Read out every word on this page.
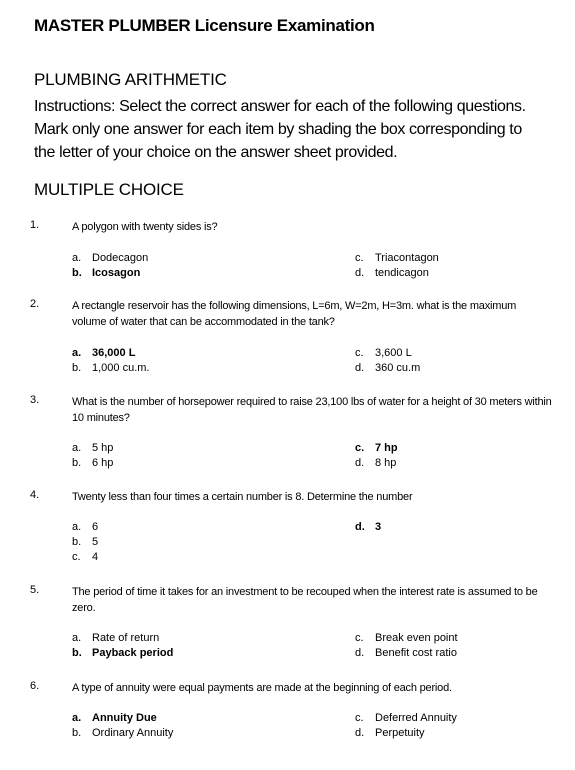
MASTER PLUMBER Licensure Examination
PLUMBING ARITHMETIC
Instructions: Select the correct answer for each of the following questions. Mark only one answer for each item by shading the box corresponding to the letter of your choice on the answer sheet provided.
MULTIPLE CHOICE
1.	A polygon with twenty sides is?
a. Dodecagon
b. Icosagon
c. Triacontagon
d. tendicagon
2.	A rectangle reservoir has the following dimensions, L=6m, W=2m, H=3m. what is the maximum volume of water that can be accommodated in the tank?
a. 36,000 L
b. 1,000 cu.m.
c. 3,600 L
d. 360 cu.m
3.	What is the number of horsepower required to raise 23,100 lbs of water for a height of 30 meters within 10 minutes?
a. 5 hp
b. 6 hp
c. 7 hp
d. 8 hp
4.	Twenty less than four times a certain number is 8. Determine the number
a. 6
b. 5
c. 4
d. 3
5.	The period of time it takes for an investment to be recouped when the interest rate is assumed to be zero.
a. Rate of return
b. Payback period
c. Break even point
d. Benefit cost ratio
6.	A type of annuity were equal payments are made at the beginning of each period.
a. Annuity Due
b. Ordinary Annuity
c. Deferred Annuity
d. Perpetuity
